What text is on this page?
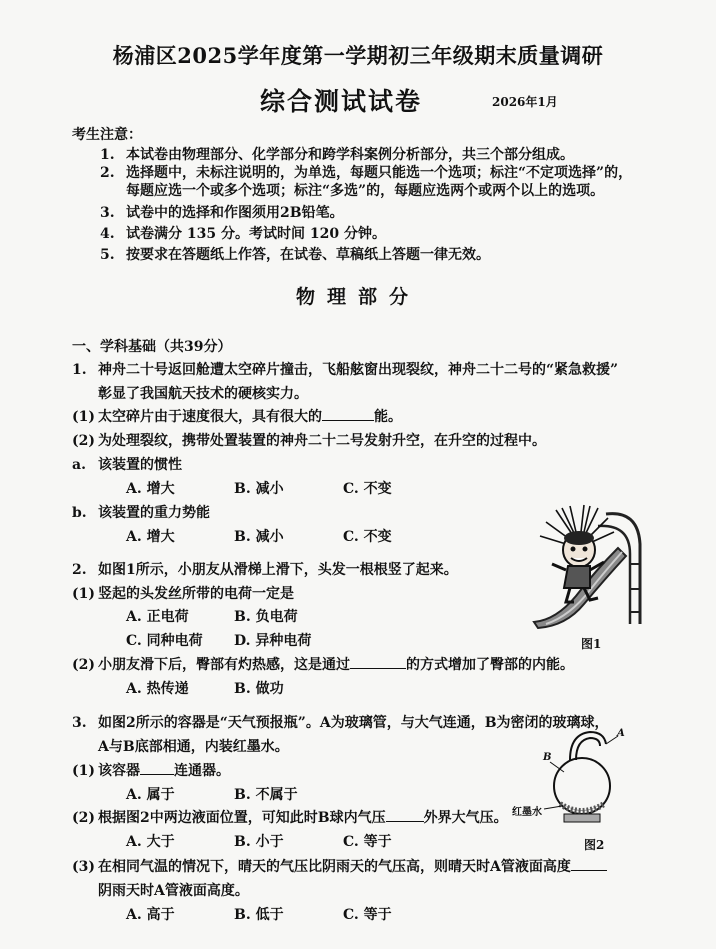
杨浦区2025学年度第一学期初三年级期末质量调研
综合测试试卷	2026年1月
考生注意：
1. 本试卷由物理部分、化学部分和跨学科案例分析部分，共三个部分组成。
2. 选择题中，未标注说明的，为单选，每题只能选一个选项；标注“不定项选择”的，
每题应选一个或多个选项；标注“多选”的，每题应选两个或两个以上的选项。
3. 试卷中的选择和作图须用2B铅笔。
4. 试卷满分 135 分。考试时间 120 分钟。
5. 按要求在答题纸上作答，在试卷、草稿纸上答题一律无效。
物理部分
一、学科基础（共39分）
1. 神舟二十号返回舱遭太空碎片撞击，飞船舷窗出现裂纹，神舟二十二号的“紧急救援”
彰显了我国航天技术的硬核实力。
(1) 太空碎片由于速度很大，具有很大的	能。
(2) 为处理裂纹，携带处置装置的神舟二十二号发射升空，在升空的过程中。
a. 该装置的惯性
A. 增大	B. 减小	C. 不变
b. 该装置的重力势能
A. 增大	B. 减小	C. 不变
2. 如图1所示，小朋友从滑梯上滑下，头发一根根竖了起来。
(1) 竖起的头发丝所带的电荷一定是
A. 正电荷	B. 负电荷
C. 同种电荷 D. 异种电荷
(2) 小朋友滑下后，臀部有灼热感，这是通过	的方式增加了臀部的内能。
A. 热传递	B. 做功
图1
3. 如图2所示的容器是“天气预报瓶”。A为玻璃管，与大气连通，B为密闭的玻璃球，
A与B底部相通，内装红墨水。
(1) 该容器 连通器。
A. 属于	B. 不属于
(2) 根据图2中两边液面位置，可知此时B球内气压	外界大气压。
A. 大于	B. 小于	C. 等于
(3) 在相同气温的情况下，晴天的气压比阴雨天的气压高，则晴天时A管液面高度
阴雨天时A管液面高度。
A. 高于	B. 低于	C. 等于
A
B
红墨水
图2
